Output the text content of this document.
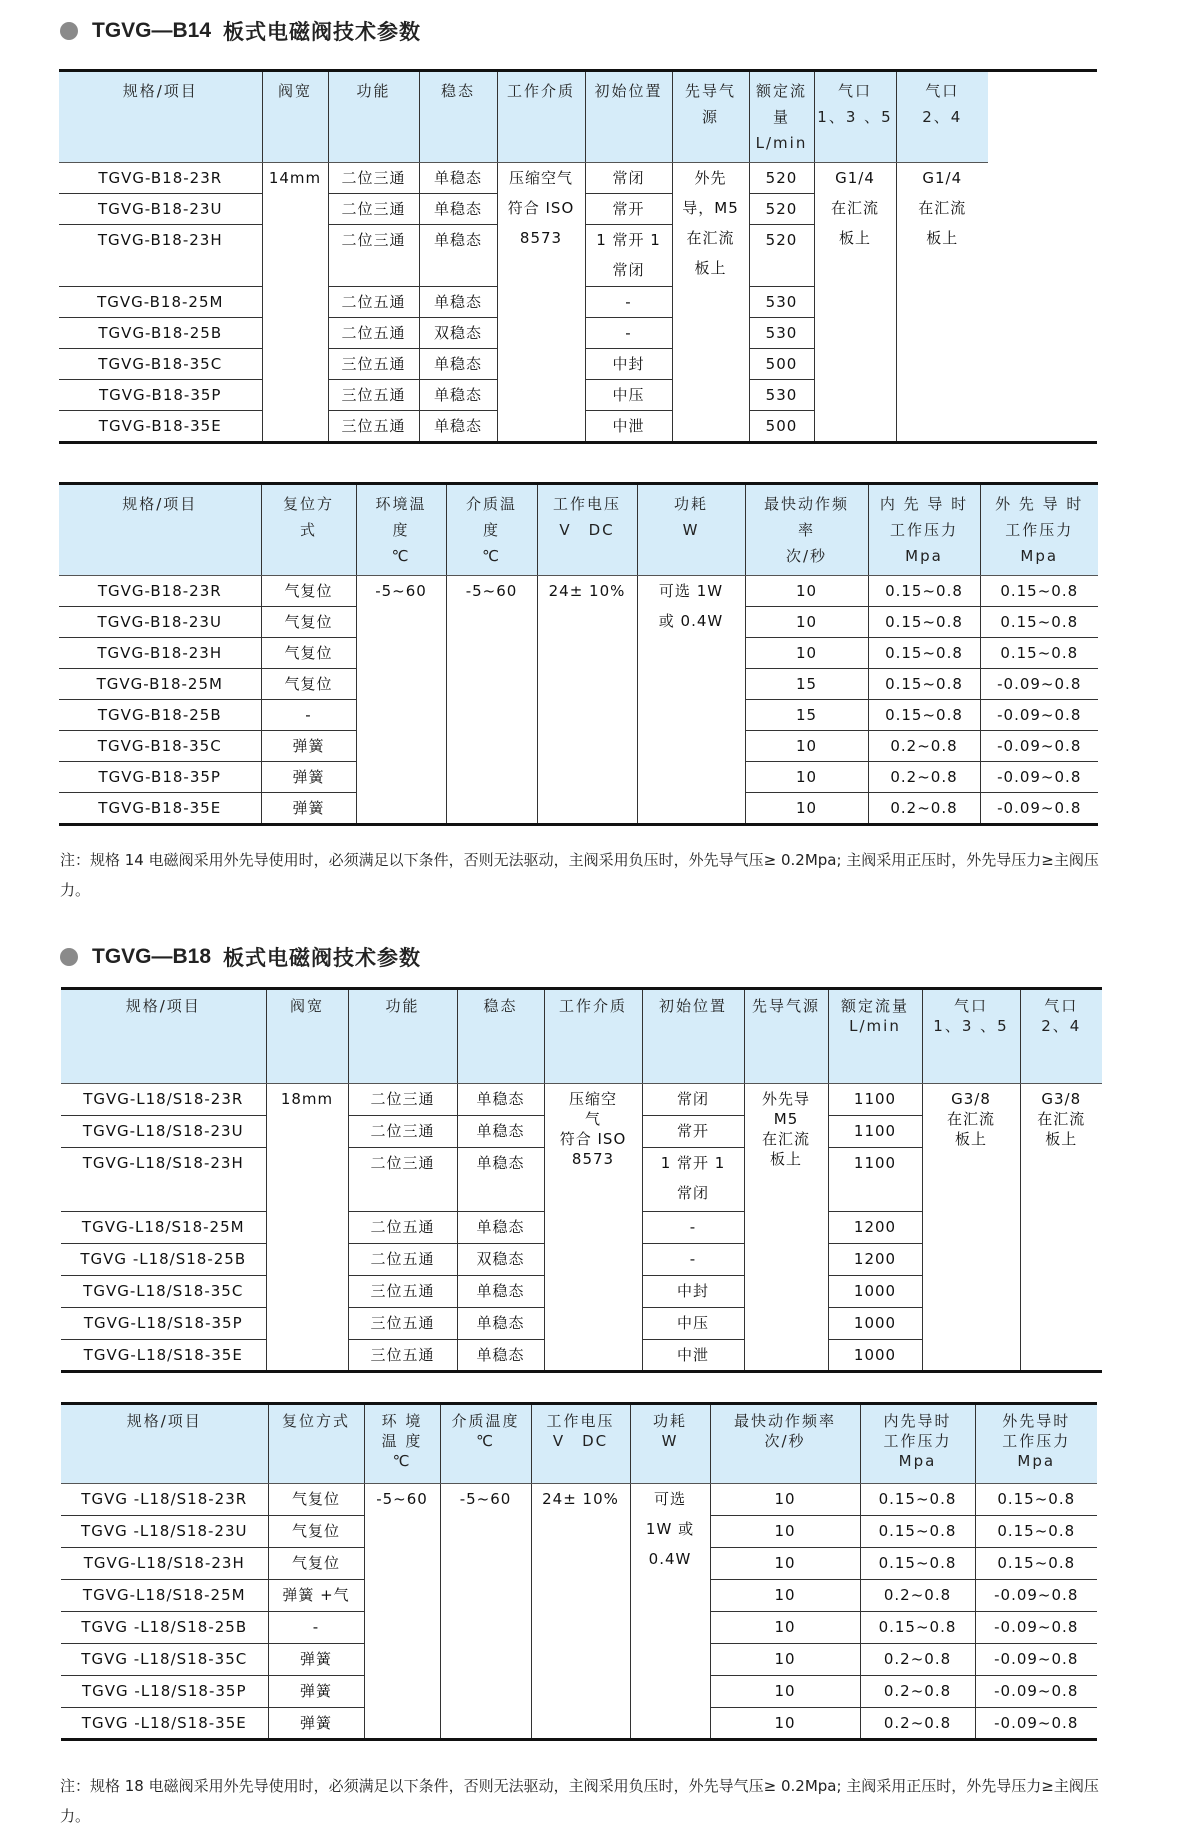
TGVG—B14 板式电磁阀技术参数
规格/项目	阀宽	功能	稳态	工作介质	初始位置	先导气
源

额定流
量
L/min

气口
1、3 、5

气口
2、4

TGVG-B18-23R	14mm	二位三通	单稳态	压缩空气
符合 ISO
8573

常闭	外先
导，M5
在汇流
板上

520	G1/4
在汇流
板上

G1/4
在汇流
板上

TGVG-B18-23U	二位三通	单稳态	常开	520

TGVG-B18-23H	二位三通	单稳态	1 常开 1
常闭

520

TGVG-B18-25M	二位五通	单稳态	-	530

TGVG-B18-25B	二位五通	双稳态	-	530

TGVG-B18-35C	三位五通	单稳态	中封	500

TGVG-B18-35P	三位五通	单稳态	中压	530

TGVG-B18-35E	三位五通	单稳态	中泄	500
规格/项目	复位方
式

环境温
度
℃

介质温
度
℃

工作电压
V　DC

功耗
W

最快动作频
率
次/秒

内 先 导 时
工作压力
Mpa

外 先 导 时
工作压力
Mpa

TGVG-B18-23R	气复位	-5~60	-5~60	24± 10%	可选 1W
或 0.4W

10	0.15~0.8	0.15~0.8

TGVG-B18-23U	气复位	10	0.15~0.8	0.15~0.8

TGVG-B18-23H	气复位	10	0.15~0.8	0.15~0.8

TGVG-B18-25M	气复位	15	0.15~0.8	-0.09~0.8

TGVG-B18-25B	-	15	0.15~0.8	-0.09~0.8

TGVG-B18-35C	弹簧	10	0.2~0.8	-0.09~0.8

TGVG-B18-35P	弹簧	10	0.2~0.8	-0.09~0.8

TGVG-B18-35E	弹簧	10	0.2~0.8	-0.09~0.8
注：规格 14 电磁阀采用外先导使用时，必须满足以下条件，否则无法驱动，主阀采用负压时，外先导气压≥ 0.2Mpa; 主阀采用正压时，外先导压力≥主阀压力。
TGVG—B18 板式电磁阀技术参数
规格/项目	阀宽	功能	稳态	工作介质	初始位置	先导气源	额定流量
L/min

气口
1、3 、5

气口
2、4

TGVG-L18/S18-23R	18mm	二位三通	单稳态	压缩空
气
符合 ISO
8573

常闭	外先导
M5
在汇流
板上

1100	G3/8
在汇流
板上

G3/8
在汇流
板上

TGVG-L18/S18-23U	二位三通	单稳态	常开	1100

TGVG-L18/S18-23H	二位三通	单稳态	1 常开 1
常闭

1100

TGVG-L18/S18-25M	二位五通	单稳态	-	1200

TGVG -L18/S18-25B	二位五通	双稳态	-	1200

TGVG-L18/S18-35C	三位五通	单稳态	中封	1000

TGVG-L18/S18-35P	三位五通	单稳态	中压	1000

TGVG-L18/S18-35E	三位五通	单稳态	中泄	1000
规格/项目	复位方式	环 境
温 度
℃

介质温度
℃

工作电压
V　DC

功耗
W

最快动作频率
次/秒

内先导时
工作压力
Mpa

外先导时
工作压力
Mpa

TGVG -L18/S18-23R	气复位	-5~60	-5~60	24± 10%	可选
1W 或
0.4W

10	0.15~0.8	0.15~0.8

TGVG -L18/S18-23U	气复位	10	0.15~0.8	0.15~0.8

TGVG-L18/S18-23H	气复位	10	0.15~0.8	0.15~0.8

TGVG-L18/S18-25M	弹簧 +气	10	0.2~0.8	-0.09~0.8

TGVG -L18/S18-25B	-	10	0.15~0.8	-0.09~0.8

TGVG -L18/S18-35C	弹簧	10	0.2~0.8	-0.09~0.8

TGVG -L18/S18-35P	弹簧	10	0.2~0.8	-0.09~0.8

TGVG -L18/S18-35E	弹簧	10	0.2~0.8	-0.09~0.8
注：规格 18 电磁阀采用外先导使用时，必须满足以下条件，否则无法驱动，主阀采用负压时，外先导气压≥ 0.2Mpa; 主阀采用正压时，外先导压力≥主阀压力。
